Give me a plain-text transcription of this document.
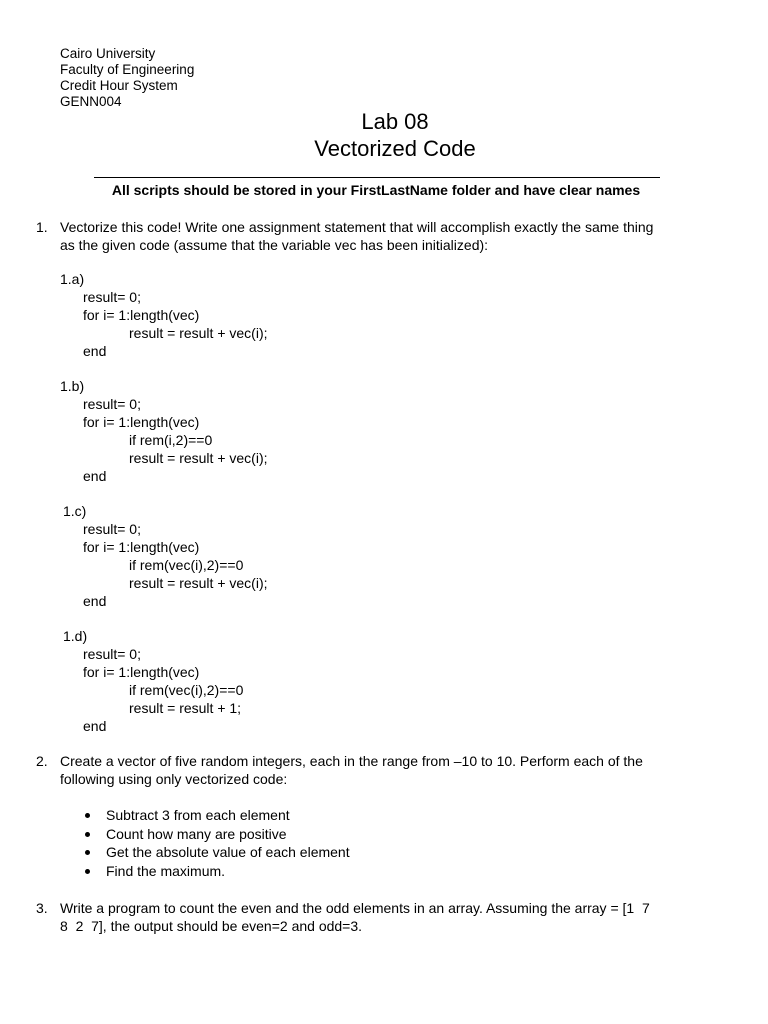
Cairo University
Faculty of Engineering
Credit Hour System
GENN004
Lab 08
Vectorized Code
All scripts should be stored in your FirstLastName folder and have clear names
1. Vectorize this code! Write one assignment statement that will accomplish exactly the same thing
as the given code (assume that the variable vec has been initialized):
1.a)
result= 0;
for i= 1:length(vec)
result = result + vec(i);
end
1.b)
result= 0;
for i= 1:length(vec)
if rem(i,2)==0
result = result + vec(i);
end
1.c)
result= 0;
for i= 1:length(vec)
if rem(vec(i),2)==0
result = result + vec(i);
end
1.d)
result= 0;
for i= 1:length(vec)
if rem(vec(i),2)==0
result = result + 1;
end
2. Create a vector of five random integers, each in the range from –10 to 10. Perform each of the
following using only vectorized code:
Subtract 3 from each element
Count how many are positive
Get the absolute value of each element
Find the maximum.
3. Write a program to count the even and the odd elements in an array. Assuming the array = [1  7
8  2  7], the output should be even=2 and odd=3.
